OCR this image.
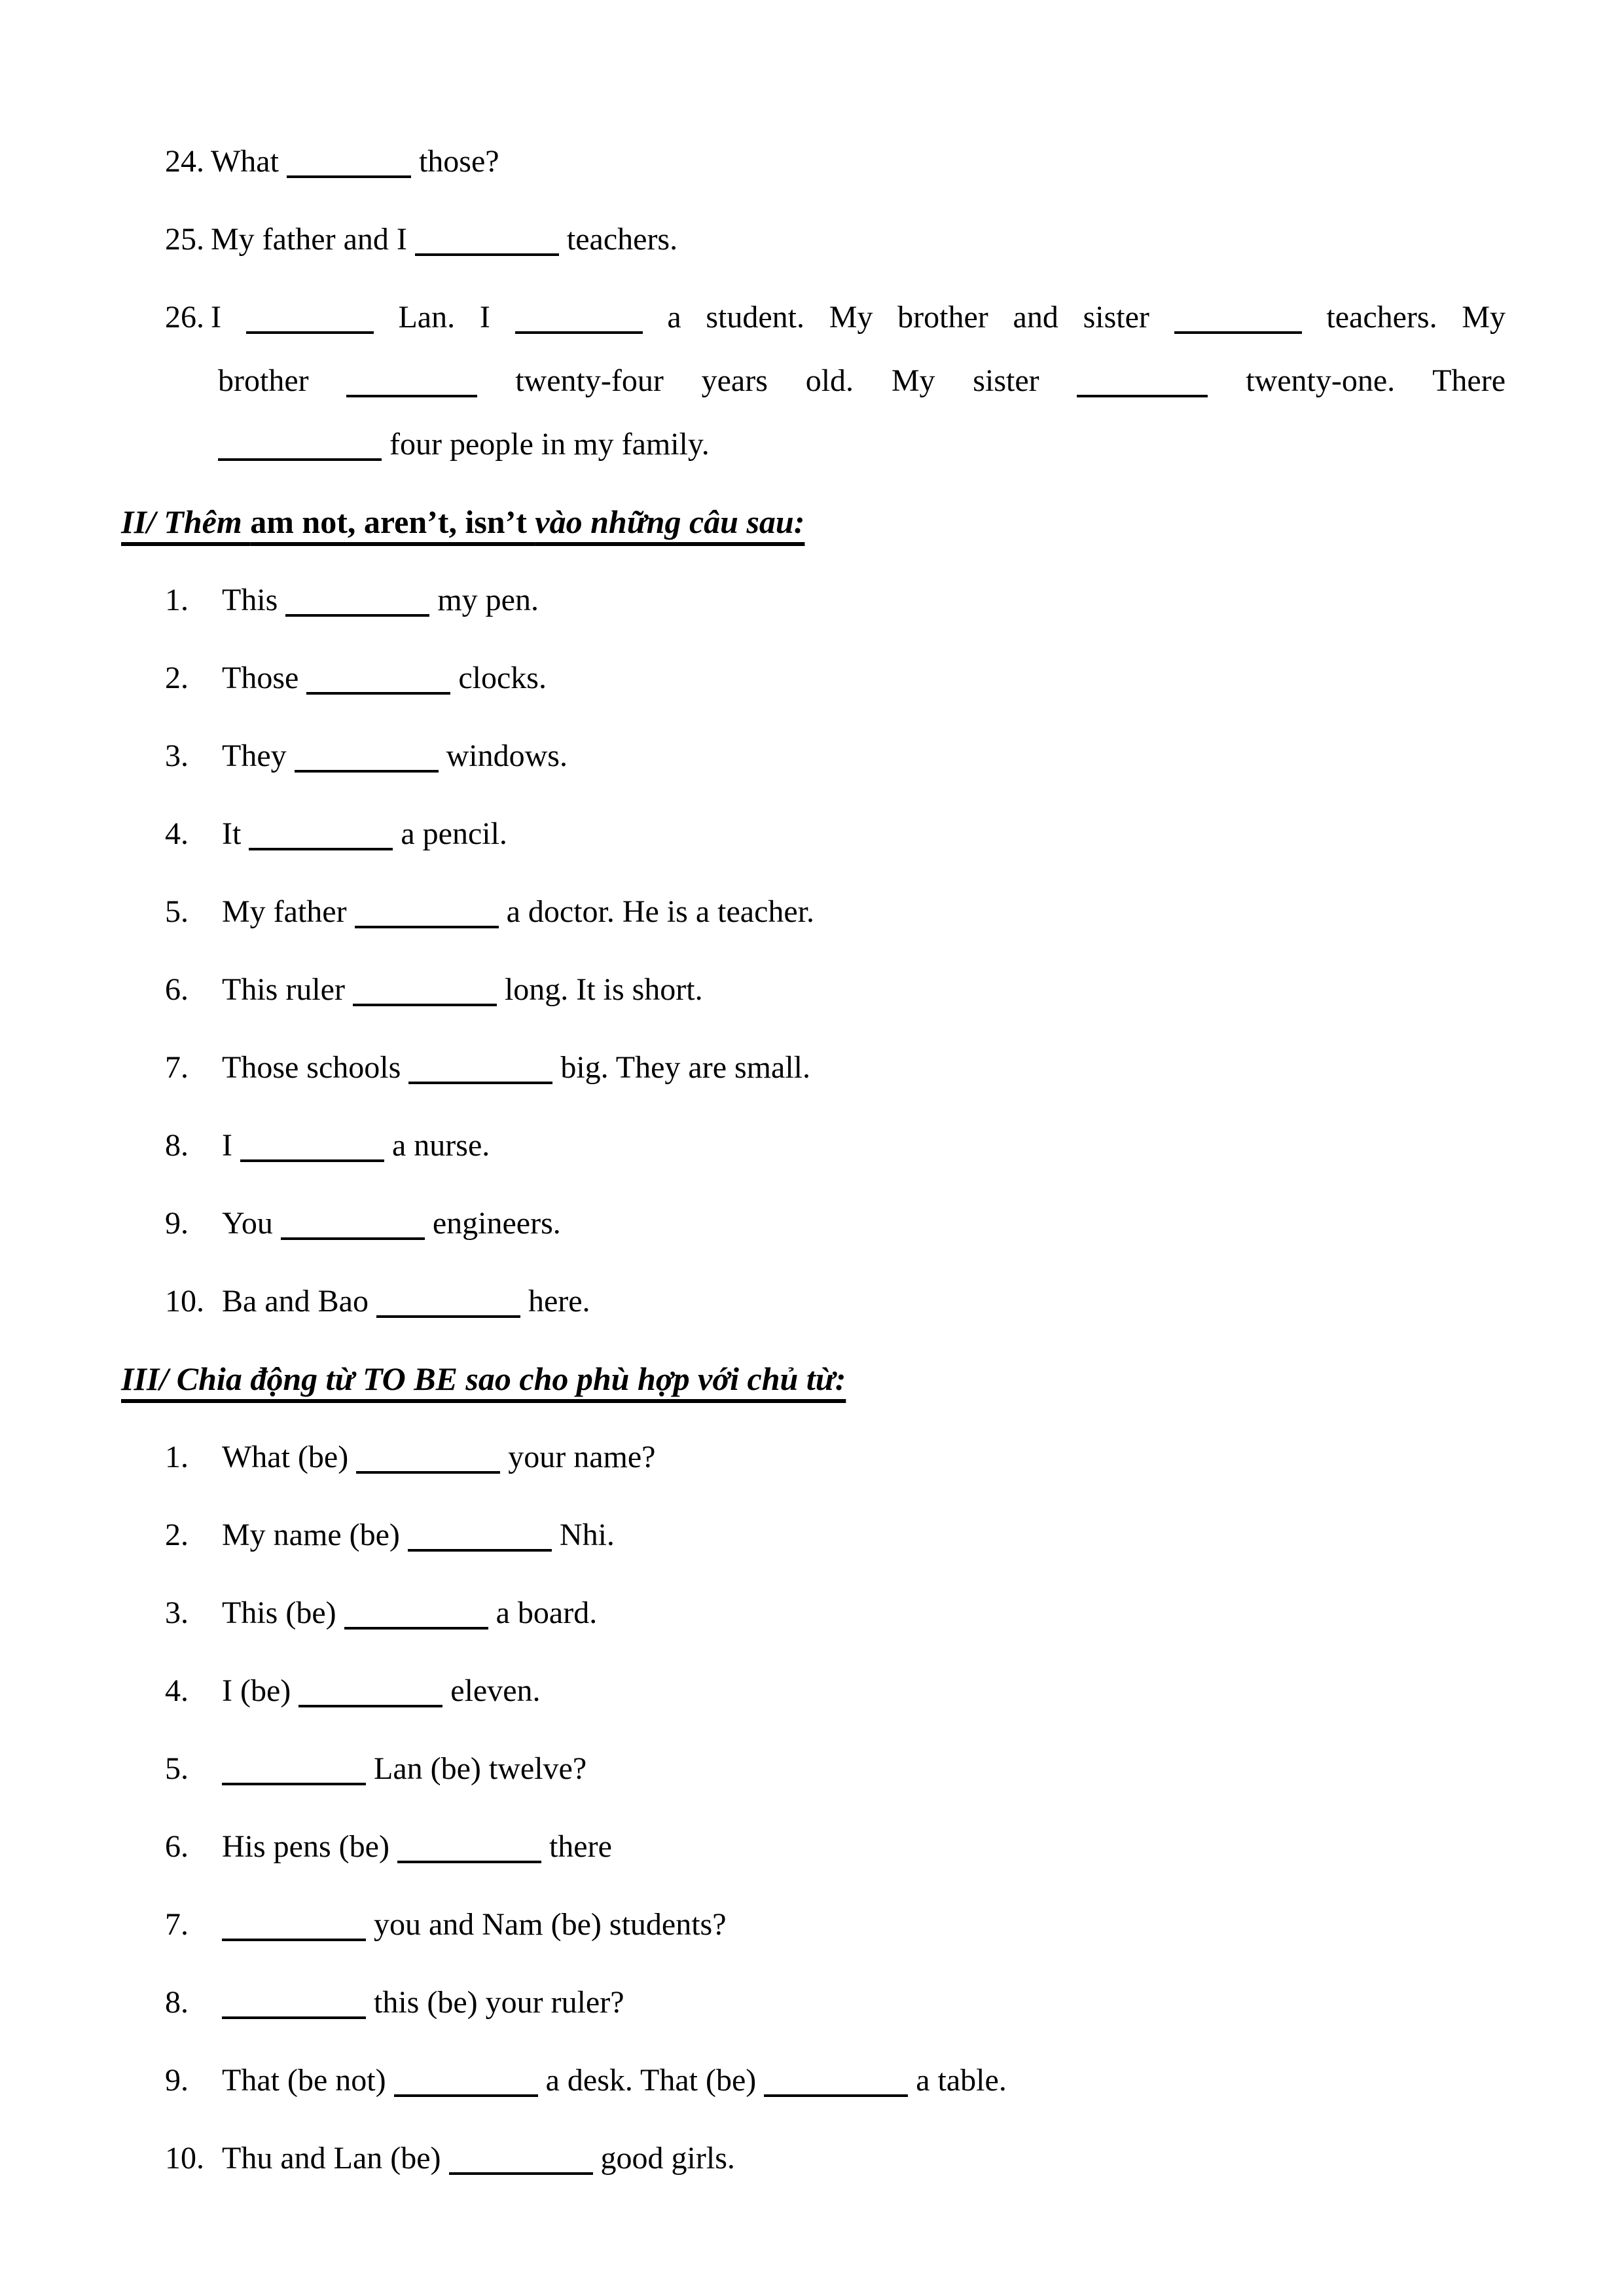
24. What	those?

25. My father and I	teachers.

26. I	Lan. I	a student. My brother and sister	teachers. My

brother	twenty-four years old. My sister	twenty-one. There

four people in my family.

II/ Thêm am not, aren’t, isn’t vào những câu sau:

1. This	my pen.

2. Those	clocks.

3. They	windows.

4. It	a pencil.

5. My father	a doctor. He is a teacher.

6. This ruler	long. It is short.

7. Those schools	big. They are small.

8. I	a nurse.

9. You	engineers.

10. Ba and Bao	here.

III/ Chia động từ TO BE sao cho phù hợp với chủ từ:

1. What (be)	your name?

2. My name (be)	Nhi.

3. This (be)	a board.

4. I (be)	eleven.

5.	Lan (be) twelve?

6. His pens (be)	there

7.	you and Nam (be) students?

8.	this (be) your ruler?

9. That (be not)	a desk. That (be)	a table.

10. Thu and Lan (be)	good girls.
